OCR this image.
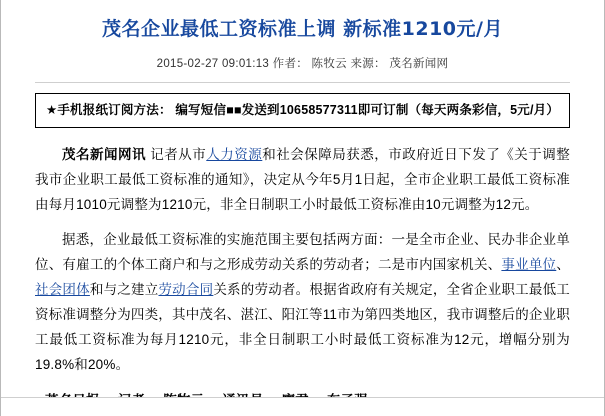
茂名企业最低工资标准上调 新标准1210元/月
2015-02-27 09:01:13 作者： 陈牧云 来源： 茂名新闻网
★手机报纸订阅方法： 编写短信■■发送到10658577311即可订制（每天两条彩信，5元/月）

茂名新闻网讯 记者从市人力资源和社会保障局获悉，市政府近日下发了《关于调整我市企业职工最低工资标准的通知》，决定从今年5月1日起，全市企业职工最低工资标准由每月1010元调整为1210元，非全日制职工小时最低工资标准由10元调整为12元。

据悉，企业最低工资标准的实施范围主要包括两方面：一是全市企业、民办非企业单位、有雇工的个体工商户和与之形成劳动关系的劳动者；二是市内国家机关、事业单位、社会团体和与之建立劳动合同关系的劳动者。根据省政府有关规定，全省企业职工最低工资标准调整分为四类，其中茂名、湛江、阳江等11市为第四类地区，我市调整后的企业职工最低工资标准为每月1210元，非全日制职工小时最低工资标准为12元，增幅分别为19.8%和20%。
